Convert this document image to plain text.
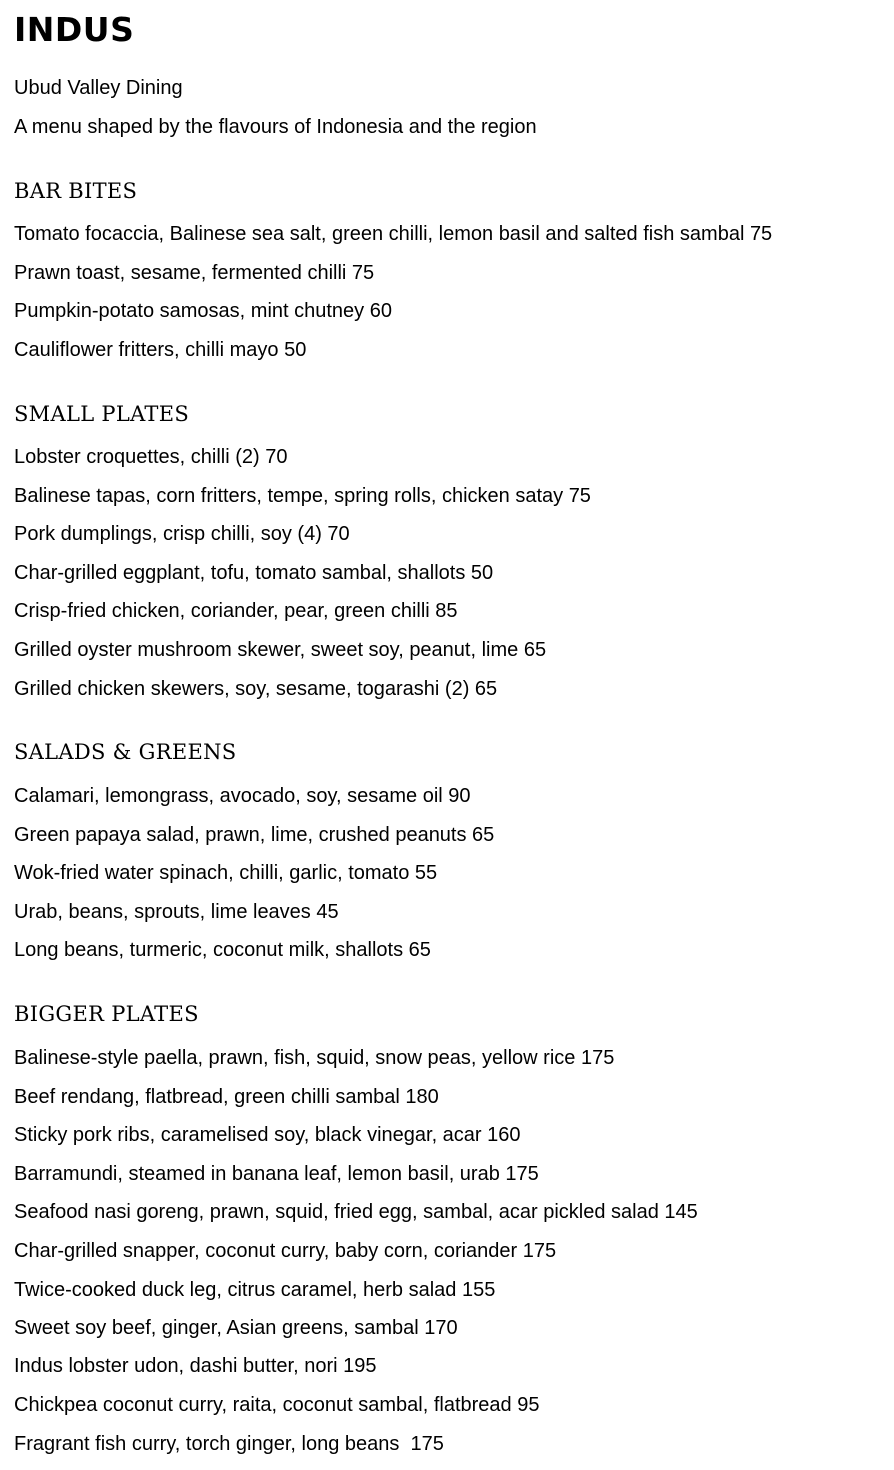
INDUS

Ubud Valley Dining

A menu shaped by the flavours of Indonesia and the region

BAR BITES

Tomato focaccia, Balinese sea salt, green chilli, lemon basil and salted fish sambal 75

Prawn toast, sesame, fermented chilli 75

Pumpkin-potato samosas, mint chutney 60

Cauliflower fritters, chilli mayo 50

SMALL PLATES

Lobster croquettes, chilli (2) 70

Balinese tapas, corn fritters, tempe, spring rolls, chicken satay 75

Pork dumplings, crisp chilli, soy (4) 70

Char-grilled eggplant, tofu, tomato sambal, shallots 50

Crisp-fried chicken, coriander, pear, green chilli 85

Grilled oyster mushroom skewer, sweet soy, peanut, lime 65

Grilled chicken skewers, soy, sesame, togarashi (2) 65

SALADS & GREENS

Calamari, lemongrass, avocado, soy, sesame oil 90

Green papaya salad, prawn, lime, crushed peanuts 65

Wok-fried water spinach, chilli, garlic, tomato 55

Urab, beans, sprouts, lime leaves 45

Long beans, turmeric, coconut milk, shallots 65

BIGGER PLATES

Balinese-style paella, prawn, fish, squid, snow peas, yellow rice 175

Beef rendang, flatbread, green chilli sambal 180

Sticky pork ribs, caramelised soy, black vinegar, acar 160

Barramundi, steamed in banana leaf, lemon basil, urab 175

Seafood nasi goreng, prawn, squid, fried egg, sambal, acar pickled salad 145

Char-grilled snapper, coconut curry, baby corn, coriander 175

Twice-cooked duck leg, citrus caramel, herb salad 155

Sweet soy beef, ginger, Asian greens, sambal 170

Indus lobster udon, dashi butter, nori 195

Chickpea coconut curry, raita, coconut sambal, flatbread 95

Fragrant fish curry, torch ginger, long beans  175
